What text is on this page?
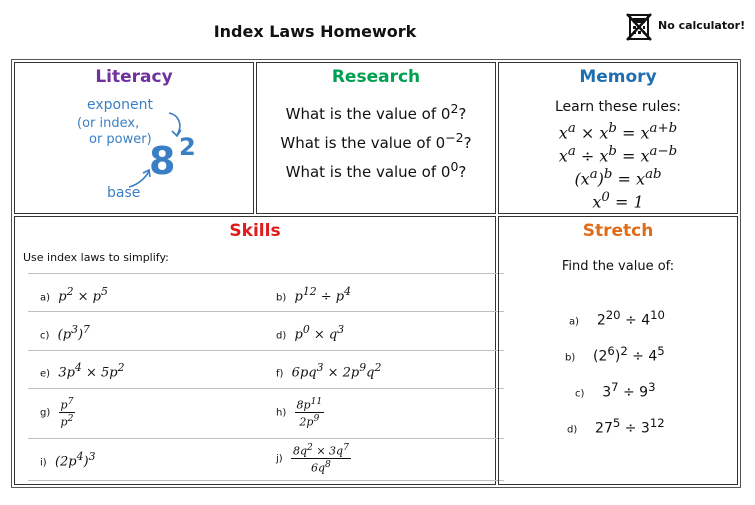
Index Laws Homework	No calculator!
Literacy
exponent
(or index,
or power)
8 2
base
Research
What is the value of $0^2$?
What is the value of $0^{-2}$?
What is the value of $0^0$?
Memory
Learn these rules:
$x^a \times x^b = x^{a+b}$
$x^a \div x^b = x^{a-b}$
$(x^a)^b = x^{ab}$
$x^0 = 1$
Skills
Use index laws to simplify:
a)  $p^2 \times p^5$	b)  $p^{12} \div p^4$
c)  $(p^3)^7$	d)  $p^0 \times q^3$
e)  $3p^4 \times 5p^2$	f)  $6pq^3 \times 2p^9q^2$
$g) \frac{p^7}{p^2}$	$h) \frac{8p^{11}}{2p^9}$
i)  $(2p^4)^3$	$j) \frac{8q^2 \times 3q^7}{6q^8}$
Stretch
Find the value of:
a)    $2^{20} \div 4^{10}$
b)    $(2^6)^2 \div 4^5$
c)    $3^7 \div 9^3$
d)    $27^5 \div 3^{12}$
